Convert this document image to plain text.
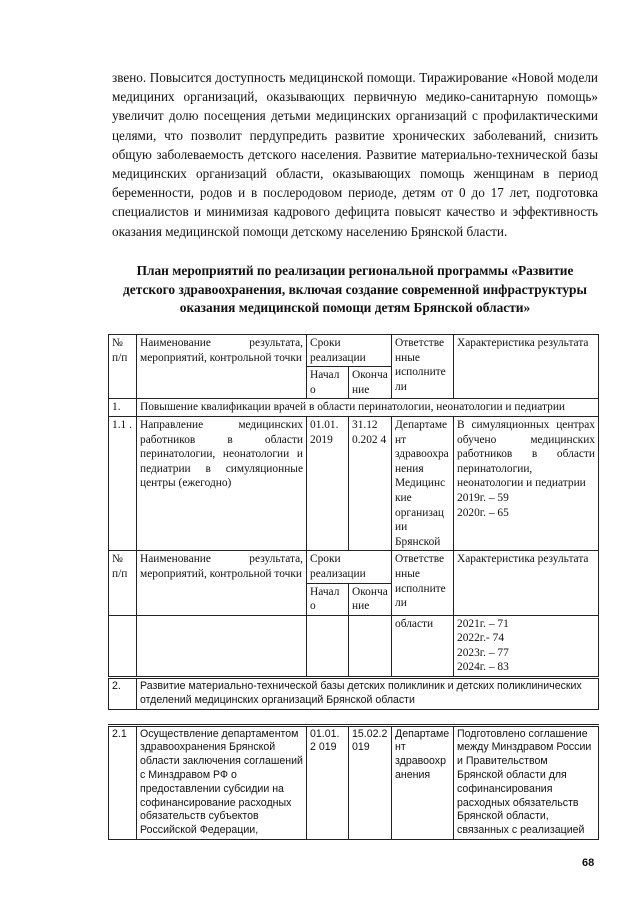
звено. Повысится доступность медицинской помощи. Тиражирование «Новой модели медициних организаций, оказывающих первичную медико-санитарную помощь» увеличит долю посещения детьми медицинских организаций с профилактическими целями, что позволит пердупредить развитие хронических заболеваний, снизить общую заболеваемость детского населения. Развитие материально-технической базы медицинских организаций области, оказывающих помощь женщинам в период беременности, родов и в послеродовом периоде, детям от 0 до 17 лет, подготовка специалистов и минимизая кадрового дефицита повысят качество и эффективность оказания медицинской помощи детскому населению Брянской бласти.
План мероприятий по реализации региональной программы «Развитие детского здравоохранения, включая создание современной инфраструктуры оказания медицинской помощи детям Брянской области»
№ п/п	Наименование результата, мероприятий, контрольной точки	Сроки реализации		Ответственные исполнители	Характеристика результата
		Начало	Окончание		
1.	Повышение квалификации врачей в области перинатологии, неонатологии и педиатрии				
1.1 .	Направление медицинских работников в области перинатологии, неонатологии и педиатрии в симуляционные центры (ежегодно)	01.01. 2019	31.12 0.202 4	Департамент здравоохранения Медицинские организации Брянской	В симуляционных центрах обучено медицинских работников в области перинатологии, неонатологии и педиатрии
2019г. – 59
2020г. – 65

№ п/п	Наименование результата, мероприятий, контрольной точки	Сроки реализации		Ответственные исполнители	Характеристика результата
		Начало	Окончание		
				области	2021г. – 71
2022г.- 74
2023г. – 77
2024г. – 83

2.	Развитие материально-технической базы детских поликлиник и детских поликлинических отделений медицинских организаций Брянской области				

2.1	Осуществление департаментом здравоохранения Брянской области заключения соглашений с Минздравом РФ о предоставлении субсидии на софинансирование расходных обязательств субъектов Российской Федерации,	01.01.2 019	15.02.2 019	Департамент здравоохранения	Подготовлено соглашение между Минздравом России и Правительством Брянской области для софинансирования расходных обязательств Брянской области, связанных с реализацией
68
